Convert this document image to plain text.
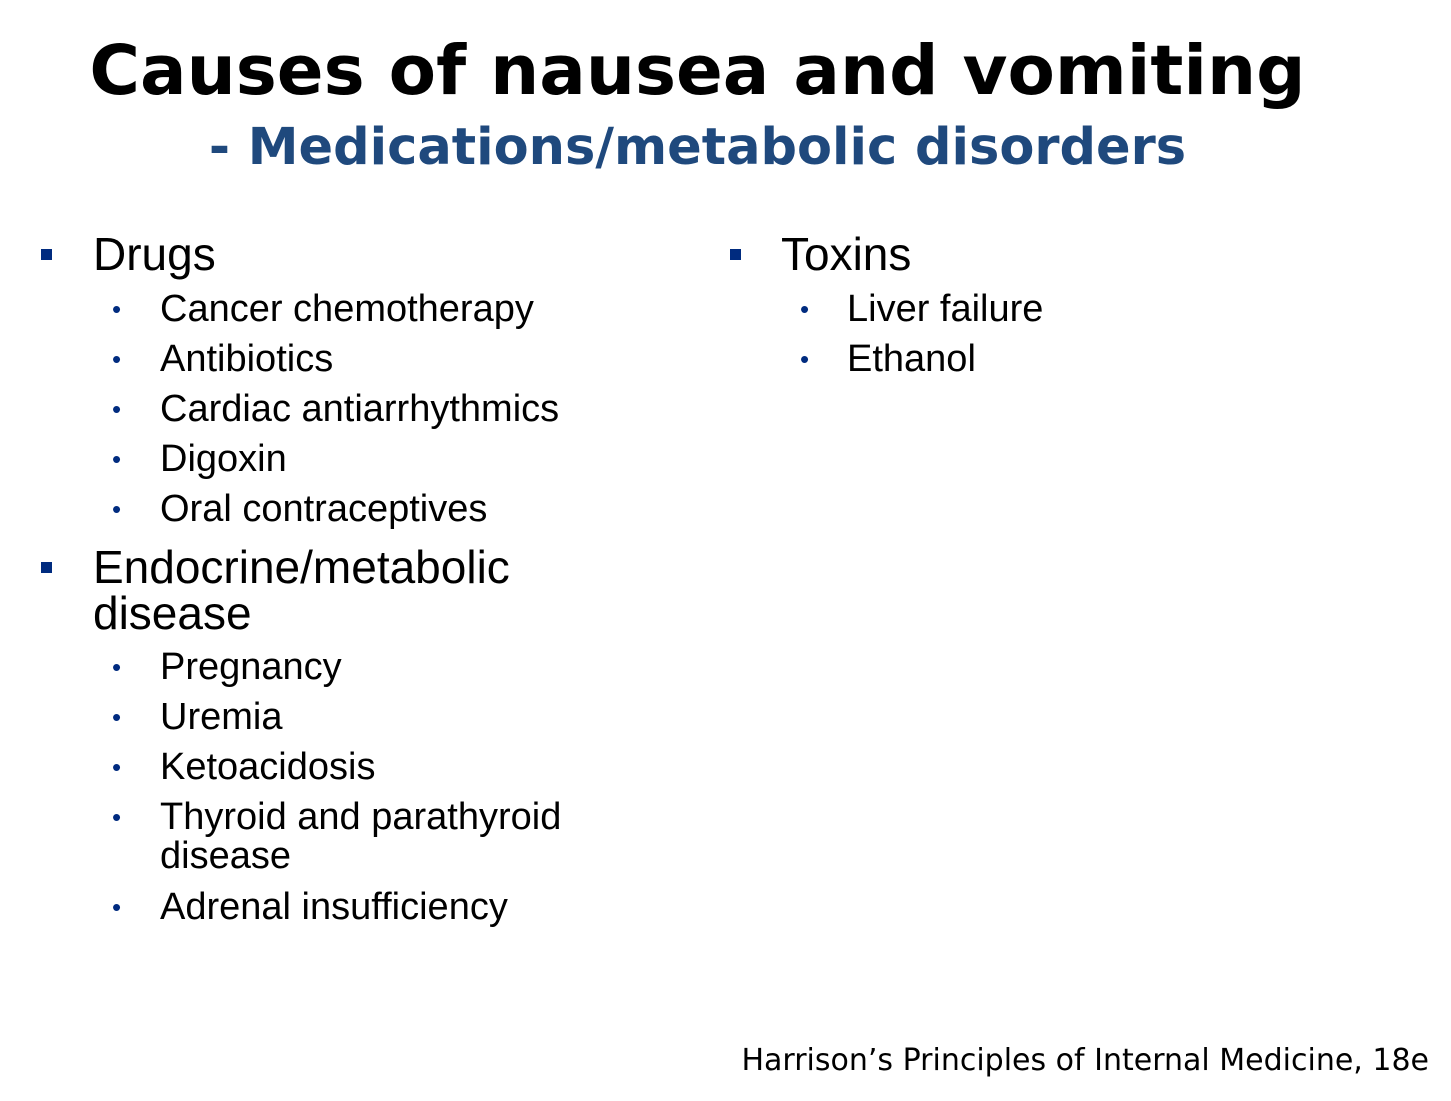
Causes of nausea and vomiting
- Medications/metabolic disorders
Drugs
• Cancer chemotherapy
• Antibiotics
• Cardiac antiarrhythmics
• Digoxin
• Oral contraceptives
Endocrine/metabolic
disease
• Pregnancy
• Uremia
• Ketoacidosis
• Thyroid and parathyroid
disease
• Adrenal insufficiency
Toxins
• Liver failure
• Ethanol
Harrison’s Principles of Internal Medicine, 18e
